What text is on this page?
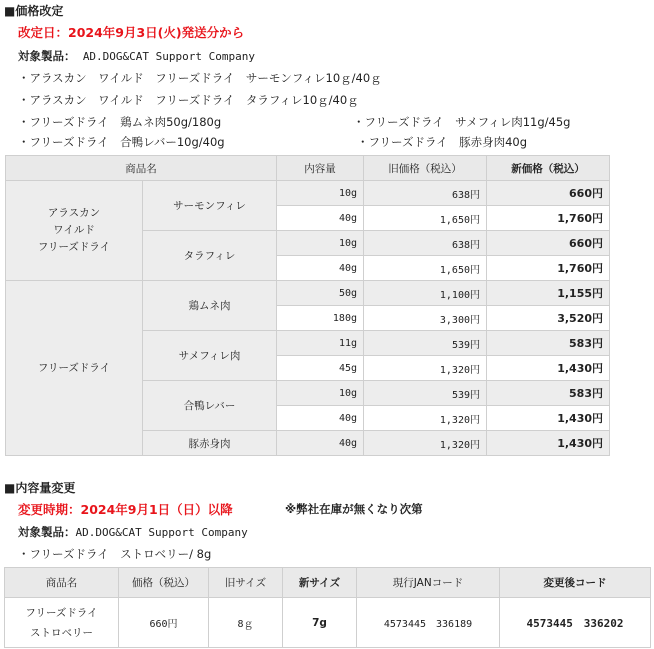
■価格改定
改定日：2024年9月3日(火)発送分から
対象製品： AD.DOG&CAT Support Company
・アラスカン　ワイルド　フリーズドライ　サーモンフィレ10ｇ/40ｇ
・アラスカン　ワイルド　フリーズドライ　タラフィレ10ｇ/40ｇ
・フリーズドライ　鶏ムネ肉50g/180g
・フリーズドライ　合鴨レバー10g/40g
・フリーズドライ　サメフィレ肉11g/45g
・フリーズドライ　豚赤身肉40g
商品名		内容量	旧価格（税込）	新価格（税込）
アラスカン
ワイルド
フリーズドライ	サーモンフィレ	10g	638円	660円
		40g	1,650円	1,760円
	タラフィレ	10g	638円	660円
		40g	1,650円	1,760円
フリーズドライ	鶏ムネ肉	50g	1,100円	1,155円
		180g	3,300円	3,520円
	サメフィレ肉	11g	539円	583円
		45g	1,320円	1,430円
	合鴨レバー	10g	539円	583円
		40g	1,320円	1,430円
	豚赤身肉	40g	1,320円	1,430円
■内容量変更
変更時期：2024年9月1日（日）以降	※弊社在庫が無くなり次第
対象製品：AD.DOG&CAT Support Company
・フリーズドライ　ストロベリー/ 8g
商品名	価格（税込）	旧サイズ	新サイズ	現行JANコード	変更後コード
フリーズドライ
ストロベリー	660円	8ｇ	7g	4573445　336189	4573445　336202
